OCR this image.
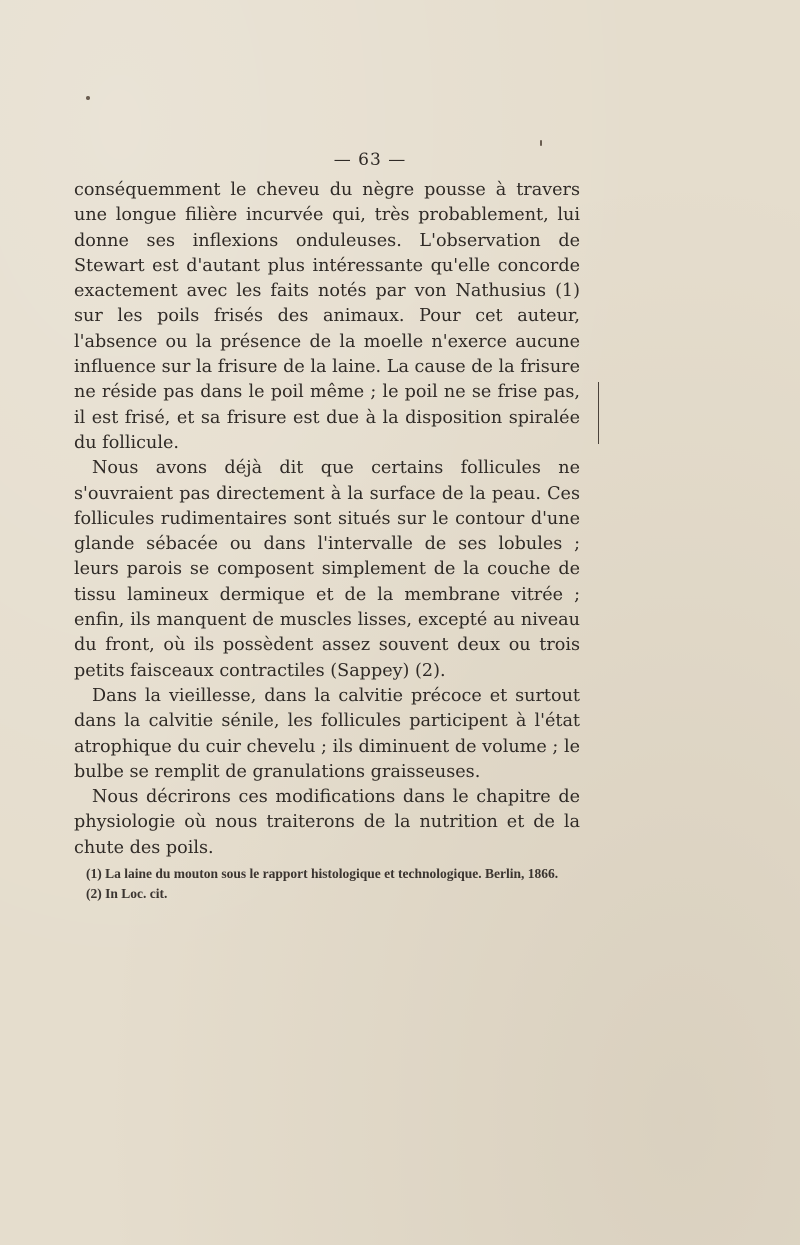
— 63 —

conséquemment le cheveu du nègre pousse à travers une longue filière incurvée qui, très probablement, lui donne ses inflexions onduleuses. L'observation de Stewart est d'autant plus intéressante qu'elle concorde exactement avec les faits notés par von Nathusius (1) sur les poils frisés des animaux. Pour cet auteur, l'absence ou la présence de la moelle n'exerce aucune influence sur la frisure de la laine. La cause de la frisure ne réside pas dans le poil même ; le poil ne se frise pas, il est frisé, et sa frisure est due à la disposition spiralée du follicule.

Nous avons déjà dit que certains follicules ne s'ouvraient pas directement à la surface de la peau. Ces follicules rudimentaires sont situés sur le contour d'une glande sébacée ou dans l'intervalle de ses lobules ; leurs parois se composent simplement de la couche de tissu lamineux dermique et de la membrane vitrée ; enfin, ils manquent de muscles lisses, excepté au niveau du front, où ils possèdent assez souvent deux ou trois petits faisceaux contractiles (Sappey) (2).

Dans la vieillesse, dans la calvitie précoce et surtout dans la calvitie sénile, les follicules participent à l'état atrophique du cuir chevelu ; ils diminuent de volume ; le bulbe se remplit de granulations graisseuses.

Nous décrirons ces modifications dans le chapitre de physiologie où nous traiterons de la nutrition et de la chute des poils.

(1) La laine du mouton sous le rapport histologique et technologique. Berlin, 1866.

(2) In Loc. cit.
